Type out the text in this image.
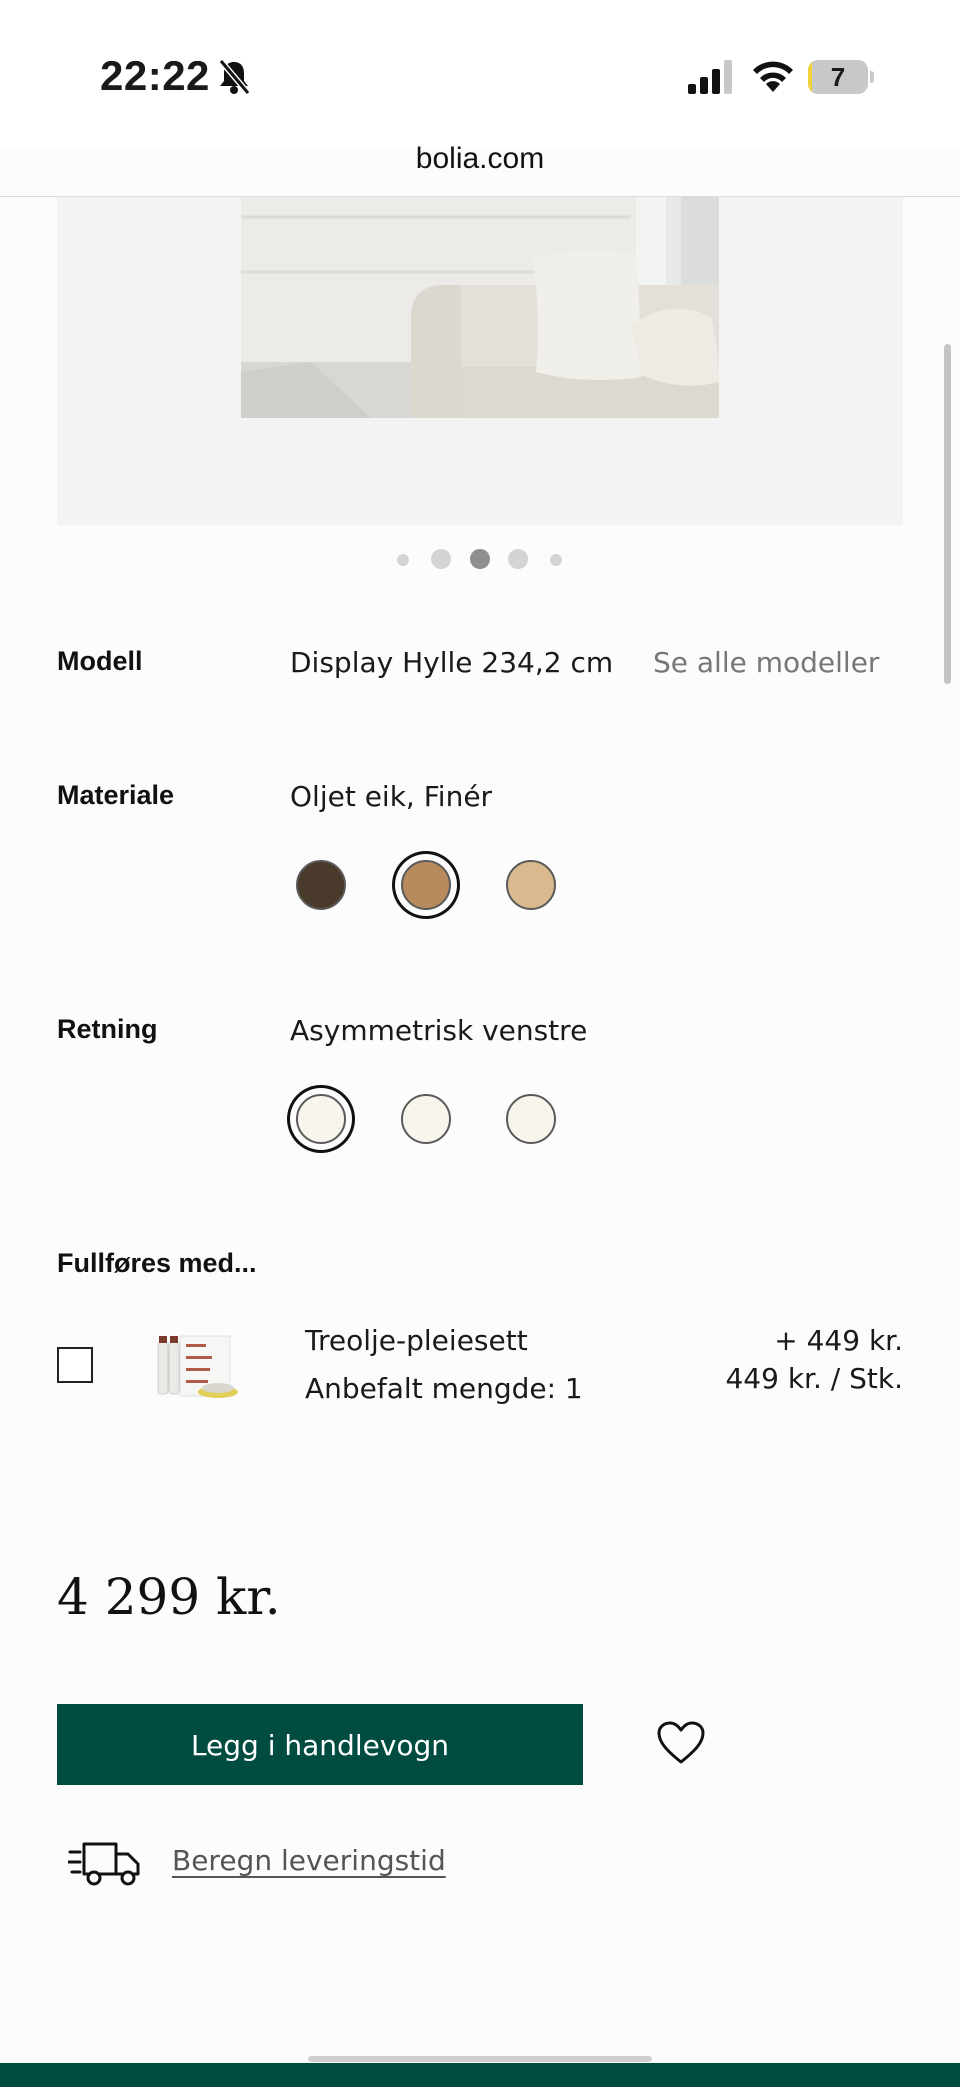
22:22	7
bolia.com
Modell	Display Hylle 234,2 cm Se alle modeller
Materiale	Oljet eik, Finér
Retning	Asymmetrisk venstre
Fullføres med...
Treolje-pleiesett
Anbefalt mengde: 1
+ 449 kr.
449 kr. / Stk.
4 299 kr.
Legg i handlevogn
Beregn leveringstid
